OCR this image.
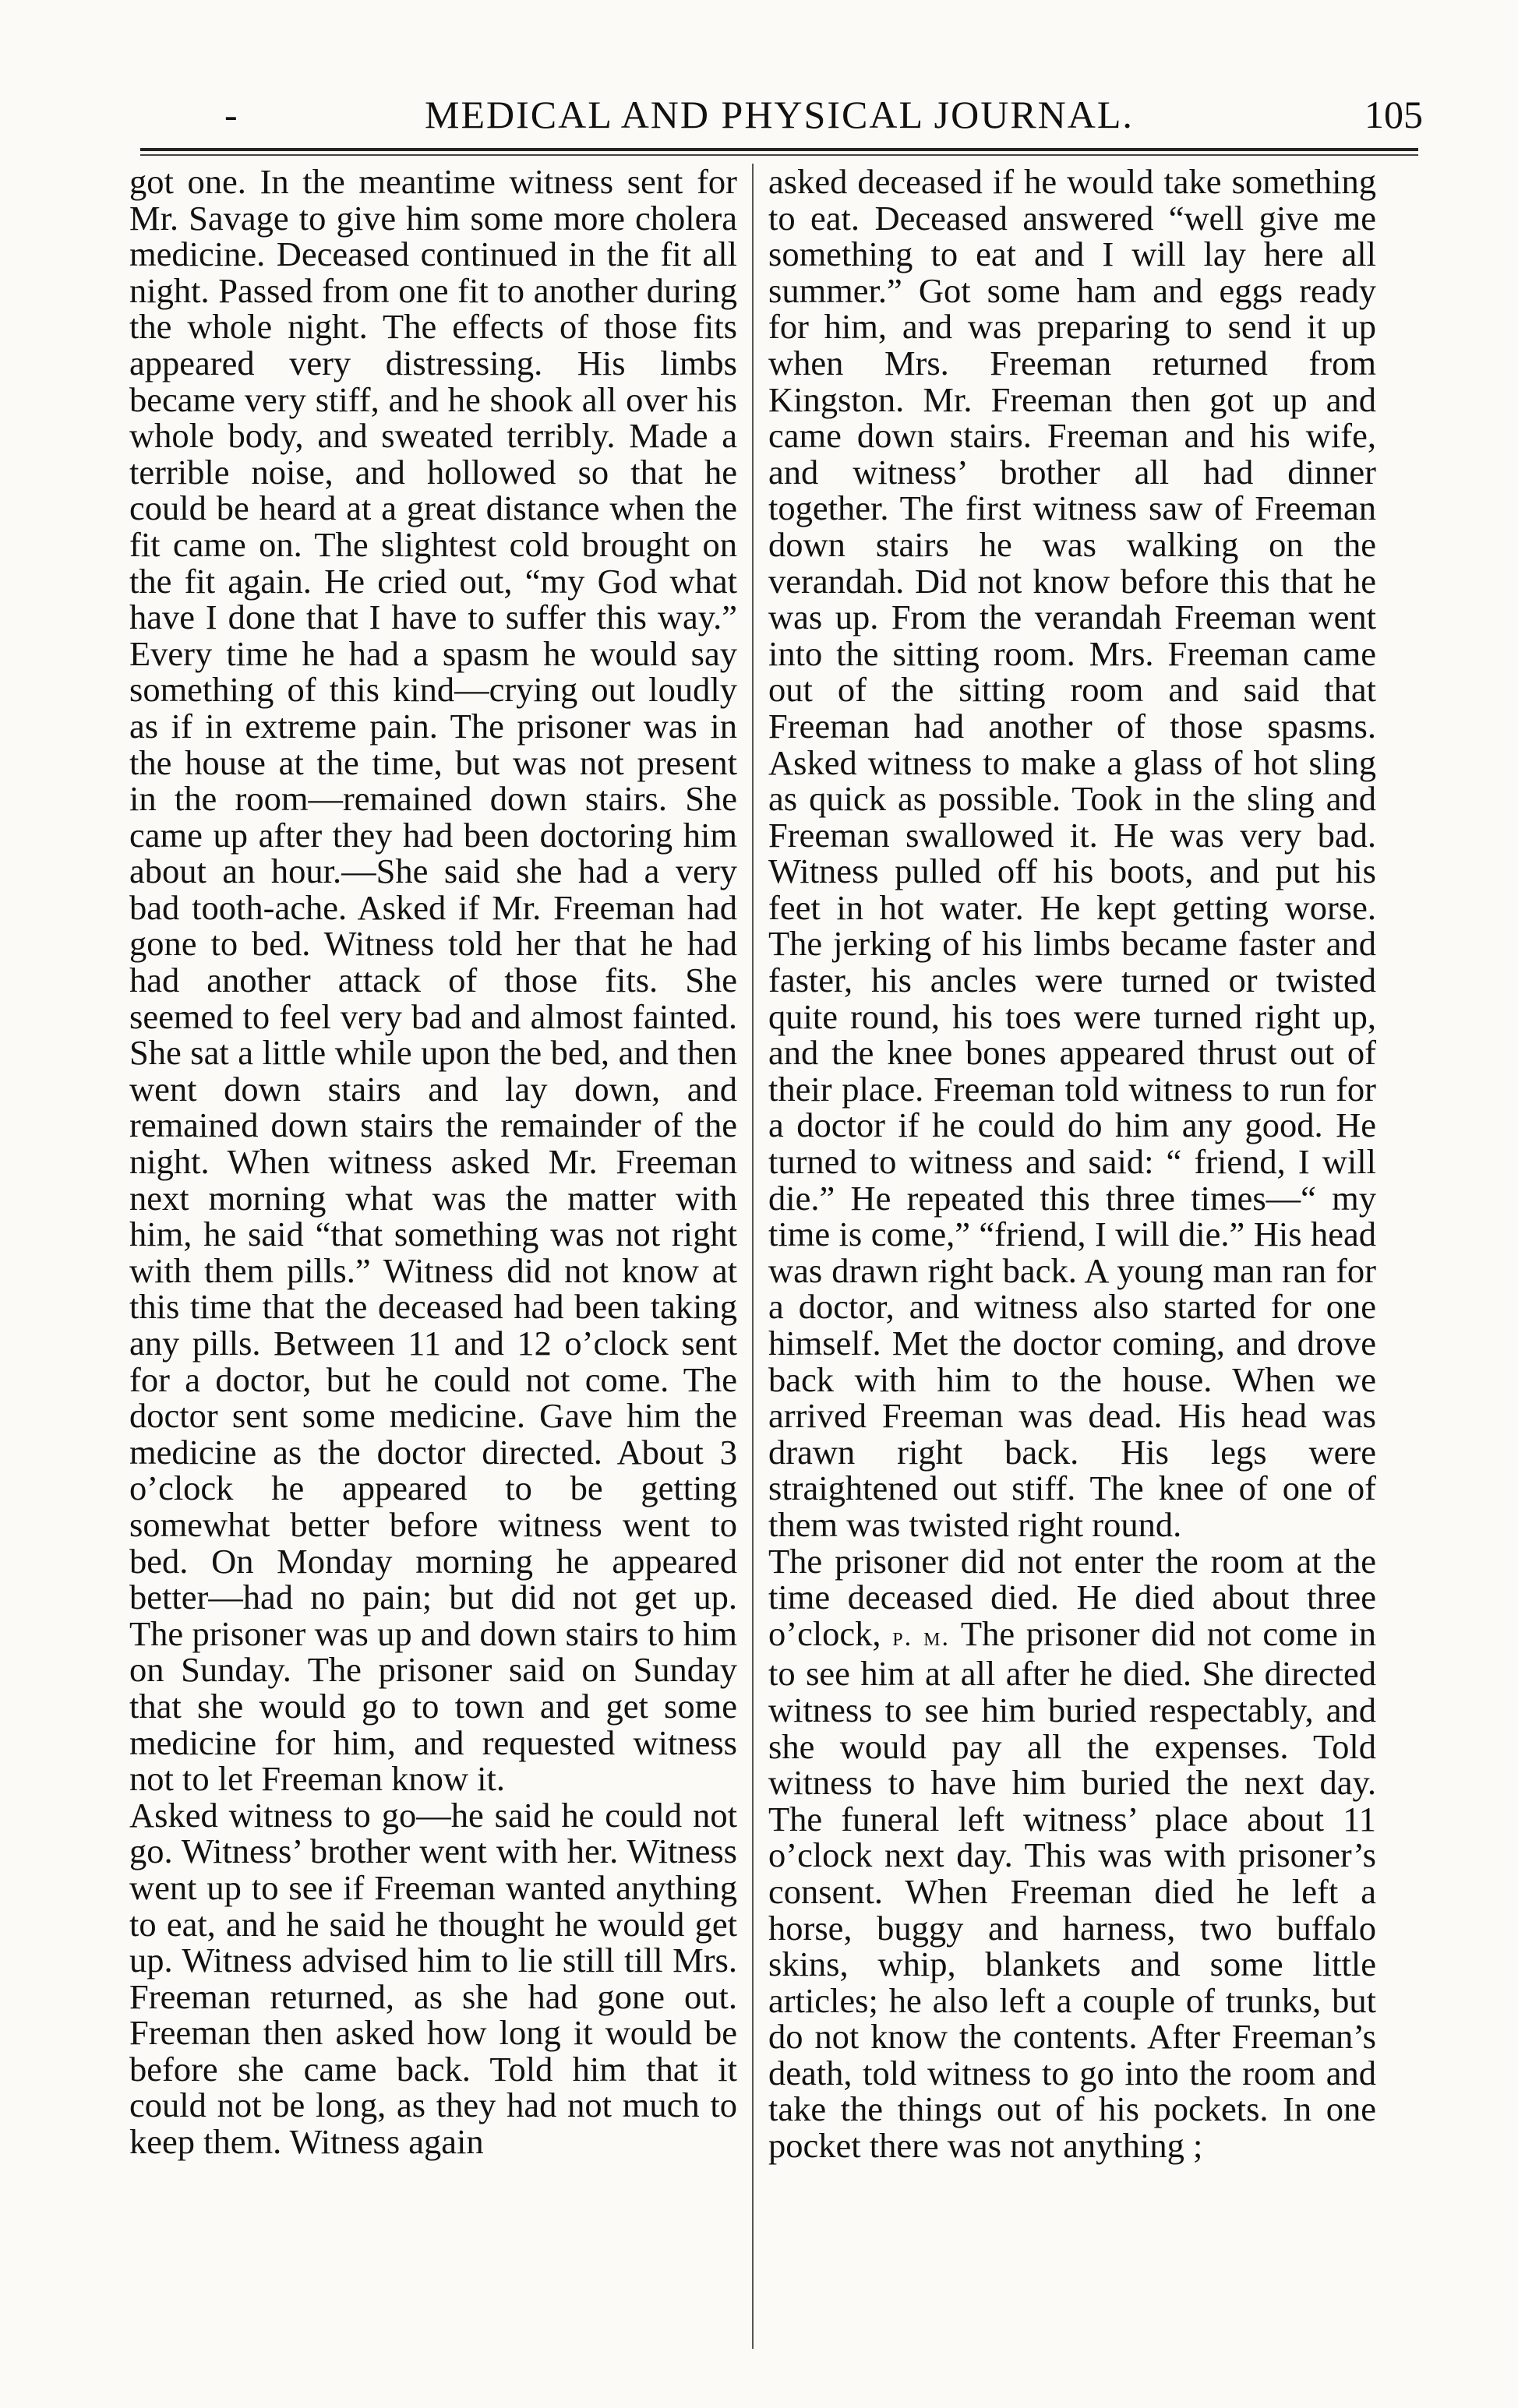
-	MEDICAL AND PHYSICAL JOURNAL.	105

got one. In the meantime witness sent for Mr. Savage to give him some more cholera medicine. Deceased continued in the fit all night. Passed from one fit to another during the whole night. The effects of those fits appeared very distressing. His limbs became very stiff, and he shook all over his whole body, and sweated terribly. Made a terrible noise, and hollowed so that he could be heard at a great distance when the fit came on. The slightest cold brought on the fit again. He cried out, “my God what have I done that I have to suffer this way.” Every time he had a spasm he would say something of this kind—crying out loudly as if in extreme pain. The prisoner was in the house at the time, but was not present in the room—remained down stairs. She came up after they had been doctoring him about an hour.—She said she had a very bad tooth-ache. Asked if Mr. Freeman had gone to bed. Witness told her that he had had another attack of those fits. She seemed to feel very bad and almost fainted. She sat a little while upon the bed, and then went down stairs and lay down, and remained down stairs the remainder of the night. When witness asked Mr. Freeman next morning what was the matter with him, he said “that something was not right with them pills.” Witness did not know at this time that the deceased had been taking any pills. Between 11 and 12 o’clock sent for a doctor, but he could not come. The doctor sent some medicine. Gave him the medicine as the doctor directed. About 3 o’clock he appeared to be getting somewhat better before witness went to bed. On Monday morning he appeared better—had no pain; but did not get up. The prisoner was up and down stairs to him on Sunday. The prisoner said on Sunday that she would go to town and get some medicine for him, and requested witness not to let Freeman know it.

Asked witness to go—he said he could not go. Witness’ brother went with her. Witness went up to see if Freeman wanted anything to eat, and he said he thought he would get up. Witness advised him to lie still till Mrs. Freeman returned, as she had gone out. Freeman then asked how long it would be before she came back. Told him that it could not be long, as they had not much to keep them. Witness again

asked deceased if he would take something to eat. Deceased answered “well give me something to eat and I will lay here all summer.” Got some ham and eggs ready for him, and was preparing to send it up when Mrs. Freeman returned from Kingston. Mr. Freeman then got up and came down stairs. Freeman and his wife, and witness’ brother all had dinner together. The first witness saw of Freeman down stairs he was walking on the verandah. Did not know before this that he was up. From the verandah Freeman went into the sitting room. Mrs. Freeman came out of the sitting room and said that Freeman had another of those spasms. Asked witness to make a glass of hot sling as quick as possible. Took in the sling and Freeman swallowed it. He was very bad. Witness pulled off his boots, and put his feet in hot water. He kept getting worse. The jerking of his limbs became faster and faster, his ancles were turned or twisted quite round, his toes were turned right up, and the knee bones appeared thrust out of their place. Freeman told witness to run for a doctor if he could do him any good. He turned to witness and said: “ friend, I will die.” He repeated this three times—“ my time is come,” “friend, I will die.” His head was drawn right back. A young man ran for a doctor, and witness also started for one himself. Met the doctor coming, and drove back with him to the house. When we arrived Freeman was dead. His head was drawn right back. His legs were straightened out stiff. The knee of one of them was twisted right round.

The prisoner did not enter the room at the time deceased died. He died about three o’clock, p. m. The prisoner did not come in to see him at all after he died. She directed witness to see him buried respectably, and she would pay all the expenses. Told witness to have him buried the next day. The funeral left witness’ place about 11 o’clock next day. This was with prisoner’s consent. When Freeman died he left a horse, buggy and harness, two buffalo skins, whip, blankets and some little articles; he also left a couple of trunks, but do not know the contents. After Freeman’s death, told witness to go into the room and take the things out of his pockets. In one pocket there was not anything ;
